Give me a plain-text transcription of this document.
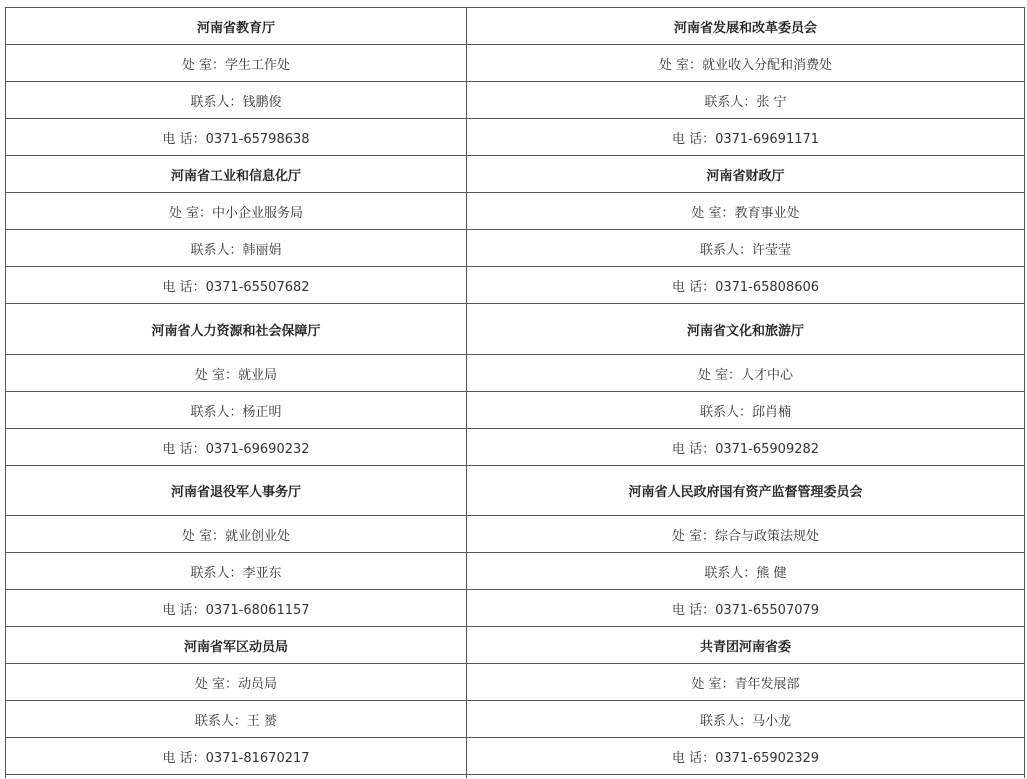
河南省教育厅	河南省发展和改革委员会
处 室：学生工作处	处 室：就业收入分配和消费处
联系人：钱鹏俊	联系人：张 宁
电 话：0371-65798638	电 话：0371-69691171
河南省工业和信息化厅	河南省财政厅
处 室：中小企业服务局	处 室：教育事业处
联系人：韩丽娟	联系人：许莹莹
电 话：0371-65507682	电 话：0371-65808606
河南省人力资源和社会保障厅	河南省文化和旅游厅
处 室：就业局	处 室：人才中心
联系人：杨正明	联系人：邱肖楠
电 话：0371-69690232	电 话：0371-65909282
河南省退役军人事务厅	河南省人民政府国有资产监督管理委员会
处 室：就业创业处	处 室：综合与政策法规处
联系人：李亚东	联系人：熊 健
电 话：0371-68061157	电 话：0371-65507079
河南省军区动员局	共青团河南省委
处 室：动员局	处 室：青年发展部
联系人：王 赟	联系人：马小龙
电 话：0371-81670217	电 话：0371-65902329
